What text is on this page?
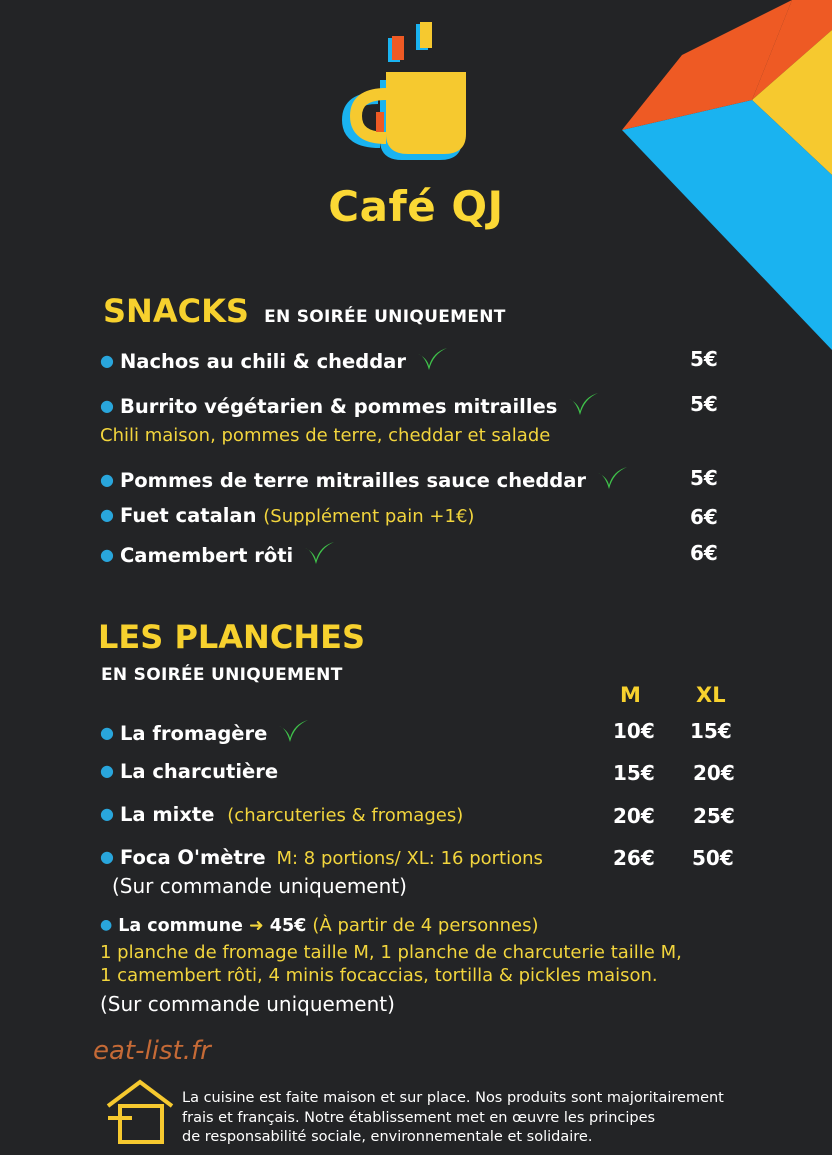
Café QJ
SNACKS EN SOIRÉE UNIQUEMENT
● Nachos au chili & cheddar	5€
● Burrito végétarien & pommes mitrailles	5€
Chili maison, pommes de terre, cheddar et salade
● Pommes de terre mitrailles sauce cheddar	5€
● Fuet catalan (Supplément pain +1€)	6€
● Camembert rôti	6€
LES PLANCHES
EN SOIRÉE UNIQUEMENT
M	XL
● La fromagère	10€ 15€
● La charcutière	15€ 20€
● La mixte (charcuteries & fromages)	20€ 25€
● Foca O'mètre M: 8 portions/ XL: 16 portions	26€ 50€
(Sur commande uniquement)
● La commune ➜ 45€ (À partir de 4 personnes)
1 planche de fromage taille M, 1 planche de charcuterie taille M,
1 camembert rôti, 4 minis focaccias, tortilla & pickles maison.
(Sur commande uniquement)
eat-list.fr
La cuisine est faite maison et sur place. Nos produits sont majoritairement
frais et français. Notre établissement met en œuvre les principes
de responsabilité sociale, environnementale et solidaire.
